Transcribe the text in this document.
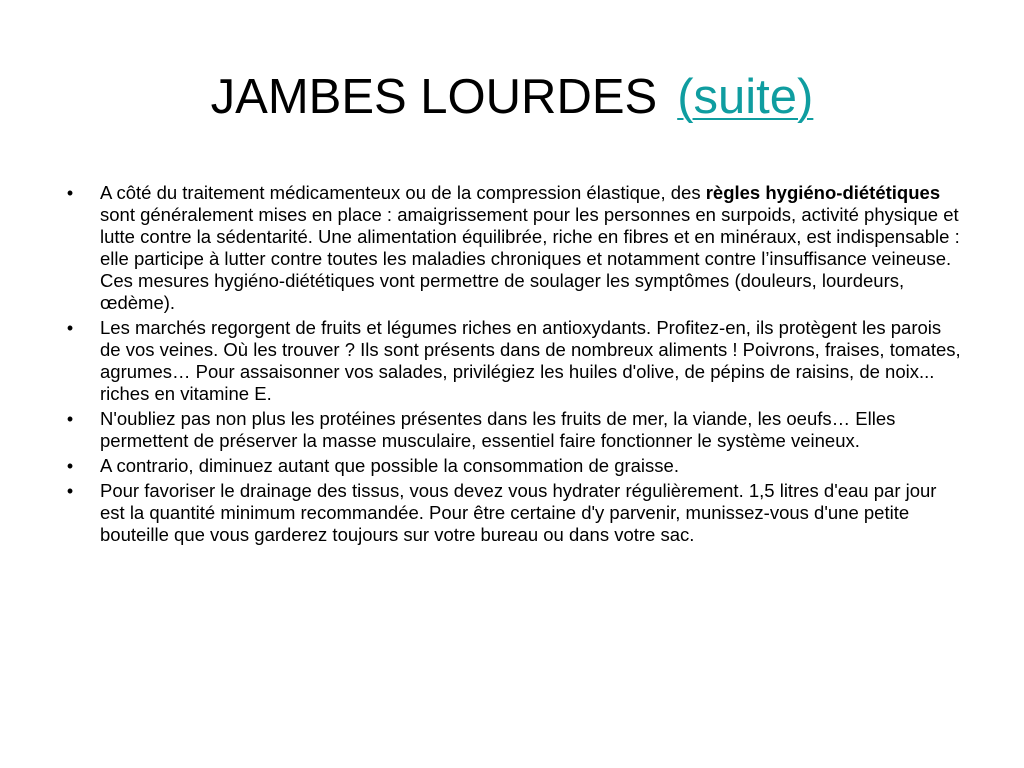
JAMBES LOURDES (suite)
•	A côté du traitement médicamenteux ou de la compression élastique, des règles hygiéno-diététiques sont généralement mises en place : amaigrissement pour les personnes en surpoids, activité physique et lutte contre la sédentarité. Une alimentation équilibrée, riche en fibres et en minéraux, est indispensable : elle participe à lutter contre toutes les maladies chroniques et notamment contre l’insuffisance veineuse. Ces mesures hygiéno-diététiques vont permettre de soulager les symptômes (douleurs, lourdeurs, œdème).
•	Les marchés regorgent de fruits et légumes riches en antioxydants. Profitez-en, ils protègent les parois de vos veines. Où les trouver ? Ils sont présents dans de nombreux aliments ! Poivrons, fraises, tomates, agrumes… Pour assaisonner vos salades, privilégiez les huiles d'olive, de pépins de raisins, de noix... riches en vitamine E.
•	N'oubliez pas non plus les protéines présentes dans les fruits de mer, la viande, les oeufs… Elles permettent de préserver la masse musculaire, essentiel faire fonctionner le système veineux.
•	A contrario, diminuez autant que possible la consommation de graisse.
•	Pour favoriser le drainage des tissus, vous devez vous hydrater régulièrement. 1,5 litres d'eau par jour est la quantité minimum recommandée. Pour être certaine d'y parvenir, munissez-vous d'une petite bouteille que vous garderez toujours sur votre bureau ou dans votre sac.
